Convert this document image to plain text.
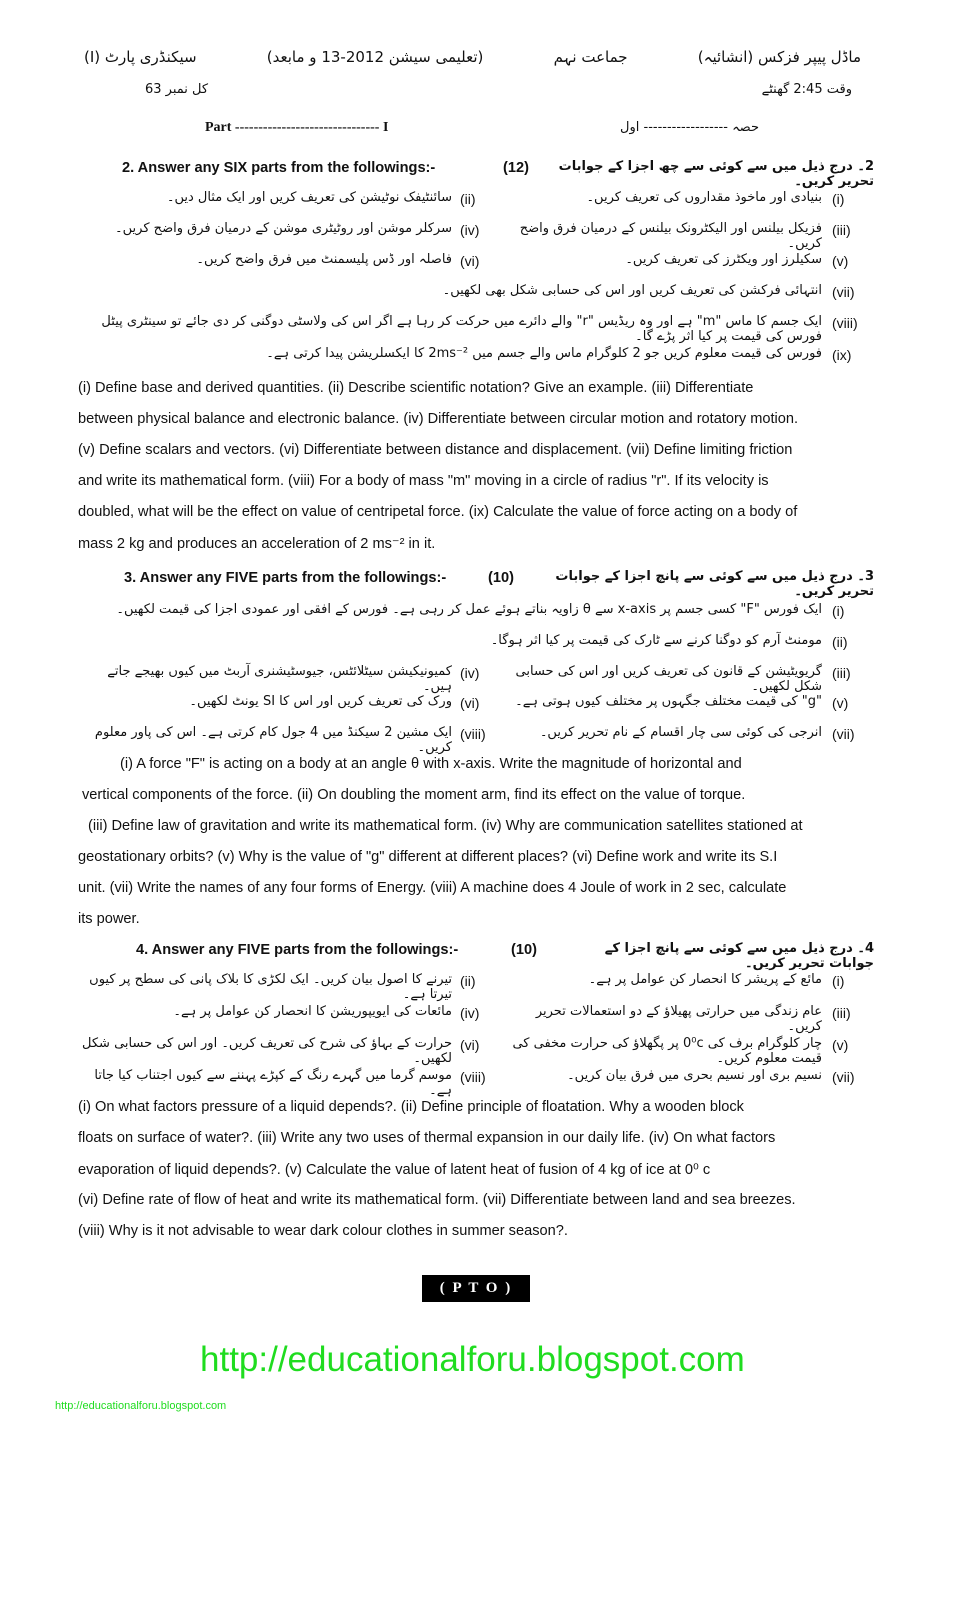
ماڈل پیپر فزکس (انشائیہ)
جماعت نہم
(تعلیمی سیشن 2012-13 و مابعد)
سیکنڈری پارٹ (I)
وقت 2:45 گھنٹے
کل نمبر 63
حصہ ------------------ اول
Part ------------------------------- I
http://educationalforu.blogspot.com
http://educationalforu.blogspot.com
( P T O )
2. Answer any SIX parts from the followings:-	(12)	2۔ درج ذیل میں سے کوئی سے چھ اجزا کے جوابات تحریر کریں۔
(i)
بنیادی اور ماخوذ مقداروں کی تعریف کریں۔
(ii)
سائنٹیفک نوٹیشن کی تعریف کریں اور ایک مثال دیں۔
(iii)
فزیکل بیلنس اور الیکٹرونک بیلنس کے درمیان فرق واضح کریں۔
(iv)
سرکلر موشن اور روٹیٹری موشن کے درمیان فرق واضح کریں۔
(v)
سکیلرز اور ویکٹرز کی تعریف کریں۔
(vi)
فاصلہ اور ڈس پلیسمنٹ میں فرق واضح کریں۔
(vii)
انتہائی فرکشن کی تعریف کریں اور اس کی حسابی شکل بھی لکھیں۔
(viii)
ایک جسم کا ماس "m" ہے اور وہ ریڈیس "r" والے دائرے میں حرکت کر رہا ہے اگر اس کی ولاسٹی دوگنی کر دی جائے تو سینٹری پیٹل فورس کی قیمت پر کیا اثر پڑے گا۔
(ix)
فورس کی قیمت معلوم کریں جو 2 کلوگرام ماس والے جسم میں 2ms⁻² کا ایکسلریشن پیدا کرتی ہے۔
(i) Define base and derived quantities. (ii) Describe scientific notation? Give an example. (iii) Differentiate
between physical balance and electronic balance. (iv) Differentiate between circular motion and rotatory motion.
(v) Define scalars and vectors. (vi) Differentiate between distance and displacement. (vii) Define limiting friction
and write its mathematical form. (viii) For a body of mass "m" moving in a circle of radius "r". If its velocity is
doubled, what will be the effect on value of centripetal force. (ix) Calculate the value of force acting on a body of
mass 2 kg and produces an acceleration of 2 ms⁻² in it.
3. Answer any FIVE parts from the followings:-	(10)	3۔ درج ذیل میں سے کوئی سے پانچ اجزا کے جوابات تحریر کریں۔
(i)
ایک فورس "F" کسی جسم پر x-axis سے θ زاویہ بناتے ہوئے عمل کر رہی ہے۔ فورس کے افقی اور عمودی اجزا کی قیمت لکھیں۔
(ii)
مومنٹ آرم کو دوگنا کرنے سے ٹارک کی قیمت پر کیا اثر ہوگا۔
(iii)
گریویٹیشن کے قانون کی تعریف کریں اور اس کی حسابی شکل لکھیں۔
(iv)
کمیونیکیشن سیٹلائٹس، جیوسٹیشنری آربٹ میں کیوں بھیجے جاتے ہیں۔
(v)
"g" کی قیمت مختلف جگہوں پر مختلف کیوں ہوتی ہے۔
(vi)
ورک کی تعریف کریں اور اس کا SI یونٹ لکھیں۔
(vii)
انرجی کی کوئی سی چار اقسام کے نام تحریر کریں۔
(viii)
ایک مشین 2 سیکنڈ میں 4 جول کام کرتی ہے۔ اس کی پاور معلوم کریں۔
(i) A force "F" is acting on a body at an angle θ with x-axis. Write the magnitude of horizontal and
vertical components of the force. (ii) On doubling the moment arm, find its effect on the value of torque.
(iii) Define law of gravitation and write its mathematical form. (iv) Why are communication satellites stationed at
geostationary orbits? (v) Why is the value of "g" different at different places? (vi) Define work and write its S.I
unit. (vii) Write the names of any four forms of Energy. (viii) A machine does 4 Joule of work in 2 sec, calculate
its power.
4. Answer any FIVE parts from the followings:-	(10)	4۔ درج ذیل میں سے کوئی سے پانچ اجزا کے جوابات تحریر کریں۔
(i)
مائع کے پریشر کا انحصار کن عوامل پر ہے۔
(ii)
تیرنے کا اصول بیان کریں۔ ایک لکڑی کا بلاک پانی کی سطح پر کیوں تیرتا ہے۔
(iii)
عام زندگی میں حرارتی پھیلاؤ کے دو استعمالات تحریر کریں۔
(iv)
مائعات کی ایویپوریشن کا انحصار کن عوامل پر ہے۔
(v)
چار کلوگرام برف کی 0⁰c پر پگھلاؤ کی حرارت مخفی کی قیمت معلوم کریں۔
(vi)
حرارت کے بہاؤ کی شرح کی تعریف کریں۔ اور اس کی حسابی شکل لکھیں۔
(vii)
نسیم بری اور نسیم بحری میں فرق بیان کریں۔
(viii)
موسم گرما میں گہرے رنگ کے کپڑے پہننے سے کیوں اجتناب کیا جاتا ہے۔
(i) On what factors pressure of a liquid depends?. (ii) Define principle of floatation. Why a wooden block
floats on surface of water?. (iii) Write any two uses of thermal expansion in our daily life. (iv) On what factors
evaporation of liquid depends?. (v) Calculate the value of latent heat of fusion of 4 kg of ice at 0⁰ c
(vi) Define rate of flow of heat and write its mathematical form. (vii) Differentiate between land and sea breezes.
(viii) Why is it not advisable to wear dark colour clothes in summer season?.
